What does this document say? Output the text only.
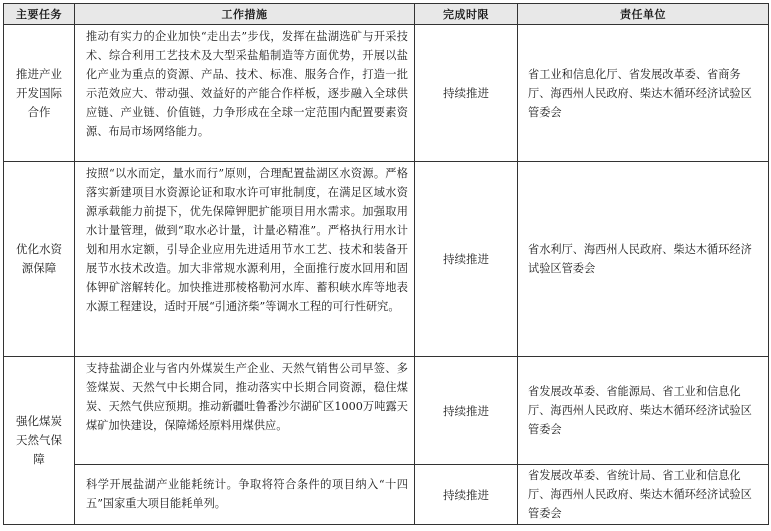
主要任务	工作措施	完成时限	责任单位

推进产业开发国际合作	推动有实力的企业加快“走出去”步伐，发挥在盐湖选矿与开采技术、综合利用工艺技术及大型采盐船制造等方面优势，开展以盐化产业为重点的资源、产品、技术、标准、服务合作，打造一批示范效应大、带动强、效益好的产能合作样板，逐步融入全球供应链、产业链、价值链，力争形成在全球一定范围内配置要素资源、布局市场网络能力。	持续推进	省工业和信息化厅、省发展改革委、省商务厅、海西州人民政府、柴达木循环经济试验区管委会

优化水资源保障	按照“以水而定，量水而行”原则，合理配置盐湖区水资源。严格落实新建项目水资源论证和取水许可审批制度，在满足区域水资源承载能力前提下，优先保障钾肥扩能项目用水需求。加强取用水计量管理，做到“取水必计量，计量必精准”。严格执行用水计划和用水定额，引导企业应用先进适用节水工艺、技术和装备开展节水技术改造。加大非常规水源利用，全面推行废水回用和固体钾矿溶解转化。加快推进那棱格勒河水库、蓄积峡水库等地表水源工程建设，适时开展“引通济柴”等调水工程的可行性研究。	持续推进	省水利厅、海西州人民政府、柴达木循环经济试验区管委会

强化煤炭天然气保障	支持盐湖企业与省内外煤炭生产企业、天然气销售公司早签、多签煤炭、天然气中长期合同，推动落实中长期合同资源，稳住煤炭、天然气供应预期。推动新疆吐鲁番沙尔湖矿区1000万吨露天煤矿加快建设，保障烯烃原料用煤供应。	持续推进	省发展改革委、省能源局、省工业和信息化厅、海西州人民政府、柴达木循环经济试验区管委会
	科学开展盐湖产业能耗统计。争取将符合条件的项目纳入“十四五”国家重大项目能耗单列。	持续推进	省发展改革委、省统计局、省工业和信息化厅、海西州人民政府、柴达木循环经济试验区管委会
